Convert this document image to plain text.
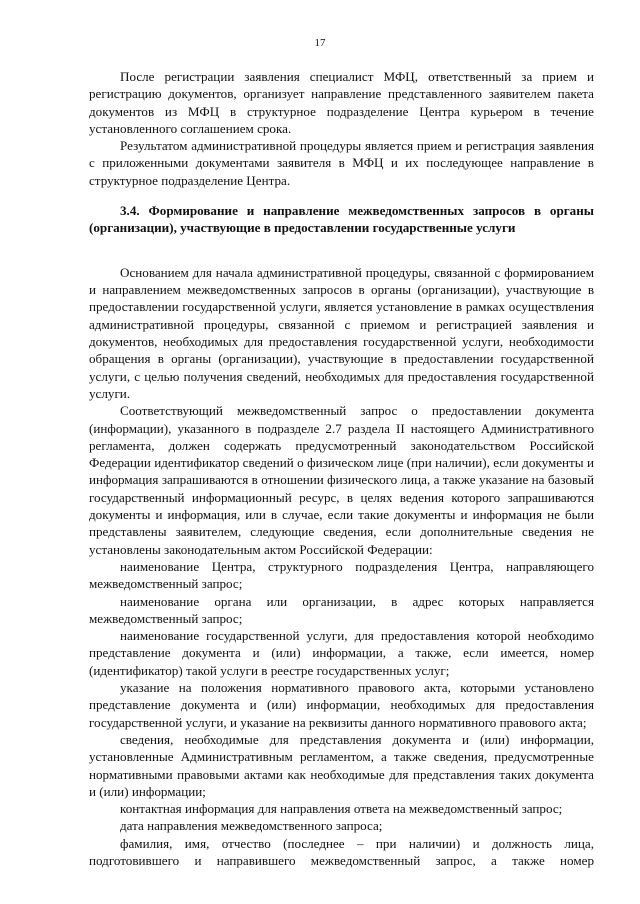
17

После регистрации заявления специалист МФЦ, ответственный за прием и регистрацию документов, организует направление представленного заявителем пакета документов из МФЦ в структурное подразделение Центра курьером в течение установленного соглашением срока.

Результатом административной процедуры является прием и регистрация заявления с приложенными документами заявителя в МФЦ и их последующее направление в структурное подразделение Центра.

3.4. Формирование и направление межведомственных запросов в органы (организации), участвующие в предоставлении государственные услуги

Основанием для начала административной процедуры, связанной с формированием и направлением межведомственных запросов в органы (организации), участвующие в предоставлении государственной услуги, является установление в рамках осуществления административной процедуры, связанной с приемом и регистрацией заявления и документов, необходимых для предоставления государственной услуги, необходимости обращения в органы (организации), участвующие в предоставлении государственной услуги, с целью получения сведений, необходимых для предоставления государственной услуги.

Соответствующий межведомственный запрос о предоставлении документа (информации), указанного в подразделе 2.7 раздела II настоящего Административного регламента, должен содержать предусмотренный законодательством Российской Федерации идентификатор сведений о физическом лице (при наличии), если документы и информация запрашиваются в отношении физического лица, а также указание на базовый государственный информационный ресурс, в целях ведения которого запрашиваются документы и информация, или в случае, если такие документы и информация не были представлены заявителем, следующие сведения, если дополнительные сведения не установлены законодательным актом Российской Федерации:

наименование Центра, структурного подразделения Центра, направляющего межведомственный запрос;

наименование органа или организации, в адрес которых направляется межведомственный запрос;

наименование государственной услуги, для предоставления которой необходимо представление документа и (или) информации, а также, если имеется, номер (идентификатор) такой услуги в реестре государственных услуг;

указание на положения нормативного правового акта, которыми установлено представление документа и (или) информации, необходимых для предоставления государственной услуги, и указание на реквизиты данного нормативного правового акта;

сведения, необходимые для представления документа и (или) информации, установленные Административным регламентом, а также сведения, предусмотренные нормативными правовыми актами как необходимые для представления таких документа и (или) информации;

контактная информация для направления ответа на межведомственный запрос;

дата направления межведомственного запроса;

фамилия, имя, отчество (последнее – при наличии) и должность лица, подготовившего и направившего межведомственный запрос, а также номер
